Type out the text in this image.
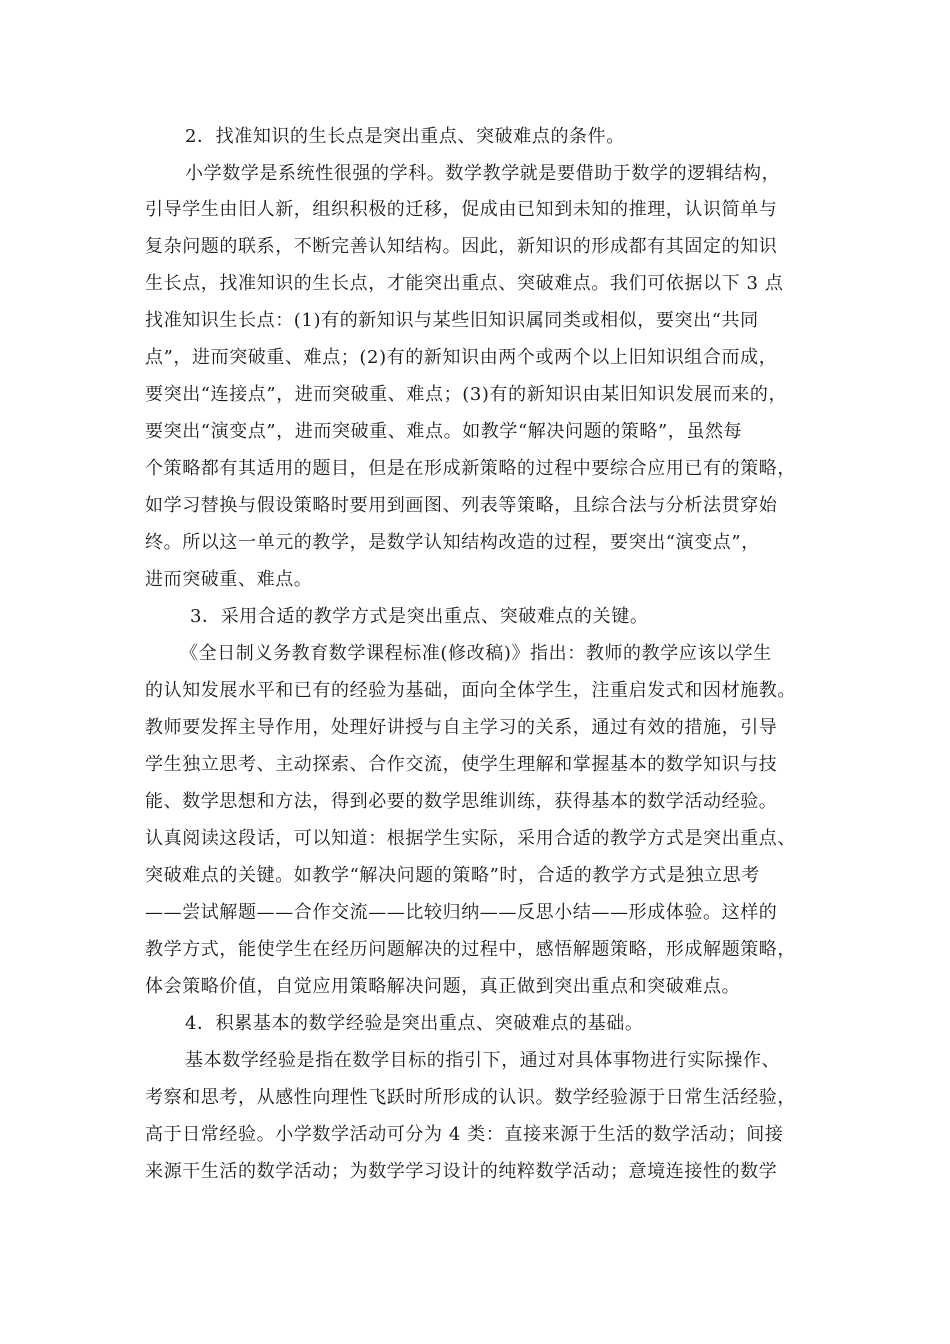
2．找准知识的生长点是突出重点、突破难点的条件。
小学数学是系统性很强的学科。数学教学就是要借助于数学的逻辑结构，
引导学生由旧人新，组织积极的迁移，促成由已知到未知的推理，认识简单与
复杂问题的联系，不断完善认知结构。因此，新知识的形成都有其固定的知识
生长点，找准知识的生长点，才能突出重点、突破难点。我们可依据以下 3 点
找准知识生长点：(1)有的新知识与某些旧知识属同类或相似，要突出“共同
点”，进而突破重、难点；(2)有的新知识由两个或两个以上旧知识组合而成，
要突出“连接点”，进而突破重、难点；(3)有的新知识由某旧知识发展而来的，
要突出“演变点”，进而突破重、难点。如教学“解决问题的策略”，虽然每
个策略都有其适用的题目，但是在形成新策略的过程中要综合应用已有的策略，
如学习替换与假设策略时要用到画图、列表等策略，且综合法与分析法贯穿始
终。所以这一单元的教学，是数学认知结构改造的过程，要突出“演变点”，
进而突破重、难点。
3．采用合适的教学方式是突出重点、突破难点的关键。
《全日制义务教育数学课程标准(修改稿)》指出：教师的教学应该以学生
的认知发展水平和已有的经验为基础，面向全体学生，注重启发式和因材施教。
教师要发挥主导作用，处理好讲授与自主学习的关系，通过有效的措施，引导
学生独立思考、主动探索、合作交流，使学生理解和掌握基本的数学知识与技
能、数学思想和方法，得到必要的数学思维训练，获得基本的数学活动经验。
认真阅读这段话，可以知道：根据学生实际，采用合适的教学方式是突出重点、
突破难点的关键。如教学“解决问题的策略”时，合适的教学方式是独立思考
——尝试解题——合作交流——比较归纳——反思小结——形成体验。这样的
教学方式，能使学生在经历问题解决的过程中，感悟解题策略，形成解题策略，
体会策略价值，自觉应用策略解决问题，真正做到突出重点和突破难点。
4．积累基本的数学经验是突出重点、突破难点的基础。
基本数学经验是指在数学目标的指引下，通过对具体事物进行实际操作、
考察和思考，从感性向理性飞跃时所形成的认识。数学经验源于日常生活经验，
高于日常经验。小学数学活动可分为 4 类：直接来源于生活的数学活动；间接
来源干生活的数学活动；为数学学习设计的纯粹数学活动；意境连接性的数学
